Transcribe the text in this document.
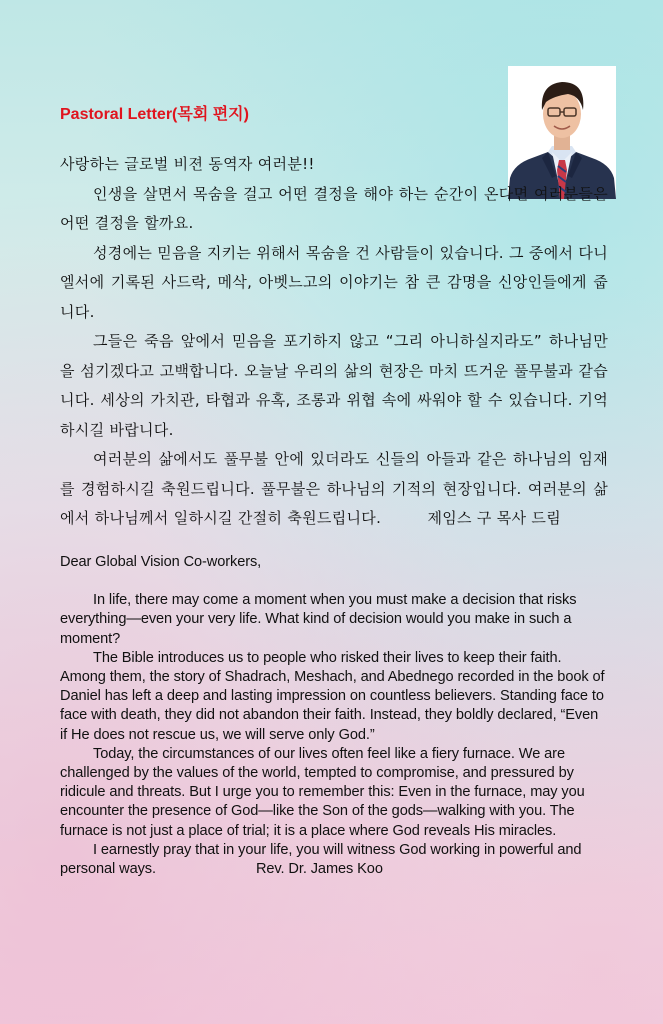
Pastoral Letter(목회 편지)

사랑하는 글로벌 비젼 동역자 여러분!!

인생을 살면서 목숨을 걸고 어떤 결정을 해야 하는 순간이 온다면 여러분들은 어떤 결정을 할까요.

성경에는 믿음을 지키는 위해서 목숨을 건 사람들이 있습니다. 그 중에서 다니엘서에 기록된 사드락, 메삭, 아벳느고의 이야기는 참 큰 감명을 신앙인들에게 줍니다.

그들은 죽음 앞에서 믿음을 포기하지 않고 “그리 아니하실지라도” 하나님만을 섬기겠다고 고백합니다. 오늘날 우리의 삶의 현장은 마치 뜨거운 풀무불과 같습니다. 세상의 가치관, 타협과 유혹, 조롱과 위협 속에 싸워야 할 수 있습니다. 기억하시길 바랍니다.

여러분의 삶에서도 풀무불 안에 있더라도 신들의 아들과 같은 하나님의 임재를 경험하시길 축원드립니다. 풀무불은 하나님의 기적의 현장입니다. 여러분의 삶에서 하나님께서 일하시길 간절히 축원드립니다.	제임스 구 목사 드림

Dear Global Vision Co-workers,

In life, there may come a moment when you must make a decision that risks everything—even your very life. What kind of decision would you make in such a moment?

The Bible introduces us to people who risked their lives to keep their faith. Among them, the story of Shadrach, Meshach, and Abednego recorded in the book of Daniel has left a deep and lasting impression on countless believers. Standing face to face with death, they did not abandon their faith. Instead, they boldly declared, “Even if He does not rescue us, we will serve only God.”

Today, the circumstances of our lives often feel like a fiery furnace. We are challenged by the values of the world, tempted to compromise, and pressured by ridicule and threats. But I urge you to remember this: Even in the furnace, may you encounter the presence of God—like the Son of the gods—walking with you. The furnace is not just a place of trial; it is a place where God reveals His miracles.

I earnestly pray that in your life, you will witness God working in powerful and personal ways.	Rev. Dr. James Koo
